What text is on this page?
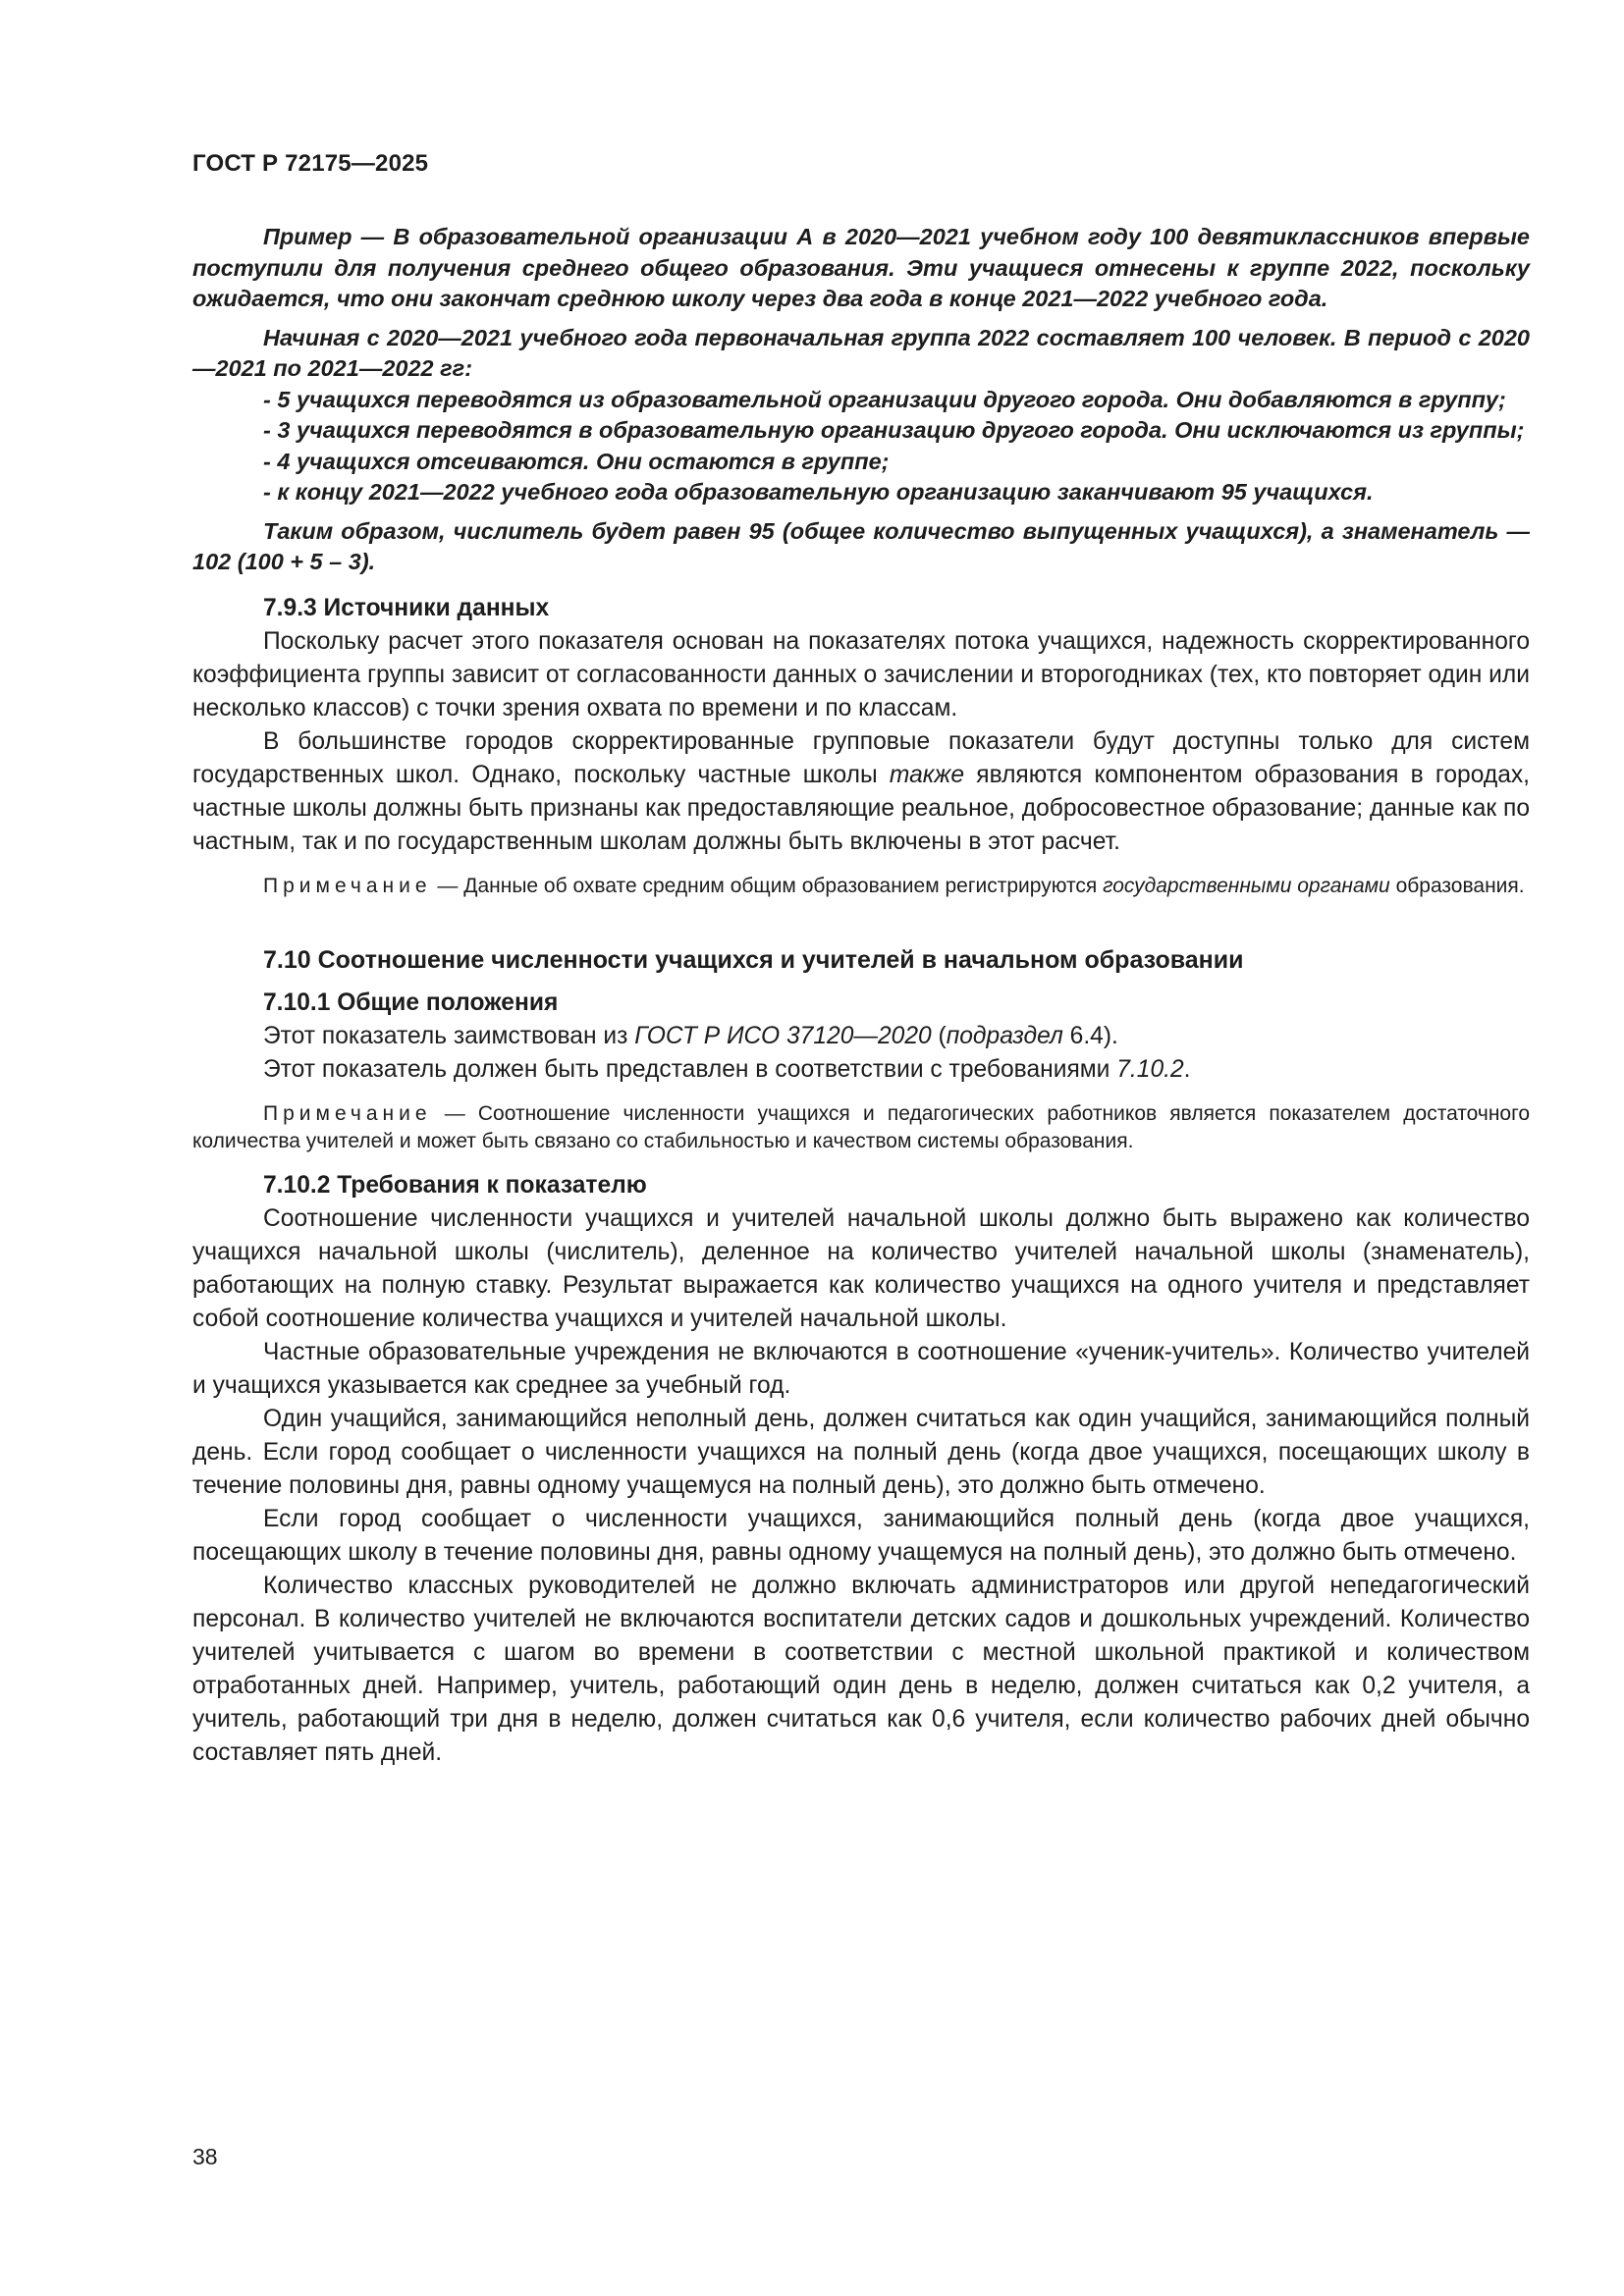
ГОСТ Р 72175—2025

Пример — В образовательной организации А в 2020—2021 учебном году 100 девятиклассников впервые поступили для получения среднего общего образования. Эти учащиеся отнесены к группе 2022, поскольку ожидается, что они закончат среднюю школу через два года в конце 2021—2022 учебного года.

Начиная с 2020—2021 учебного года первоначальная группа 2022 составляет 100 человек. В период с 2020—2021 по 2021—2022 гг:

- 5 учащихся переводятся из образовательной организации другого города. Они добавляются в группу;

- 3 учащихся переводятся в образовательную организацию другого города. Они исключаются из группы;

- 4 учащихся отсеиваются. Они остаются в группе;

- к концу 2021—2022 учебного года образовательную организацию заканчивают 95 учащихся.

Таким образом, числитель будет равен 95 (общее количество выпущенных учащихся), а знаменатель — 102 (100 + 5 – 3).

7.9.3 Источники данных

Поскольку расчет этого показателя основан на показателях потока учащихся, надежность скорректированного коэффициента группы зависит от согласованности данных о зачислении и второгодниках (тех, кто повторяет один или несколько классов) с точки зрения охвата по времени и по классам.

В большинстве городов скорректированные групповые показатели будут доступны только для систем государственных школ. Однако, поскольку частные школы также являются компонентом образования в городах, частные школы должны быть признаны как предоставляющие реальное, добросовестное образование; данные как по частным, так и по государственным школам должны быть включены в этот расчет.

Примечание — Данные об охвате средним общим образованием регистрируются государственными органами образования.

7.10 Соотношение численности учащихся и учителей в начальном образовании

7.10.1 Общие положения

Этот показатель заимствован из ГОСТ Р ИСО 37120—2020 (подраздел 6.4).

Этот показатель должен быть представлен в соответствии с требованиями 7.10.2.

Примечание — Соотношение численности учащихся и педагогических работников является показателем достаточного количества учителей и может быть связано со стабильностью и качеством системы образования.

7.10.2 Требования к показателю

Соотношение численности учащихся и учителей начальной школы должно быть выражено как количество учащихся начальной школы (числитель), деленное на количество учителей начальной школы (знаменатель), работающих на полную ставку. Результат выражается как количество учащихся на одного учителя и представляет собой соотношение количества учащихся и учителей начальной школы.

Частные образовательные учреждения не включаются в соотношение «ученик-учитель». Количество учителей и учащихся указывается как среднее за учебный год.

Один учащийся, занимающийся неполный день, должен считаться как один учащийся, занимающийся полный день. Если город сообщает о численности учащихся на полный день (когда двое учащихся, посещающих школу в течение половины дня, равны одному учащемуся на полный день), это должно быть отмечено.

Если город сообщает о численности учащихся, занимающийся полный день (когда двое учащихся, посещающих школу в течение половины дня, равны одному учащемуся на полный день), это должно быть отмечено.

Количество классных руководителей не должно включать администраторов или другой непедагогический персонал. В количество учителей не включаются воспитатели детских садов и дошкольных учреждений. Количество учителей учитывается с шагом во времени в соответствии с местной школьной практикой и количеством отработанных дней. Например, учитель, работающий один день в неделю, должен считаться как 0,2 учителя, а учитель, работающий три дня в неделю, должен считаться как 0,6 учителя, если количество рабочих дней обычно составляет пять дней.

38
